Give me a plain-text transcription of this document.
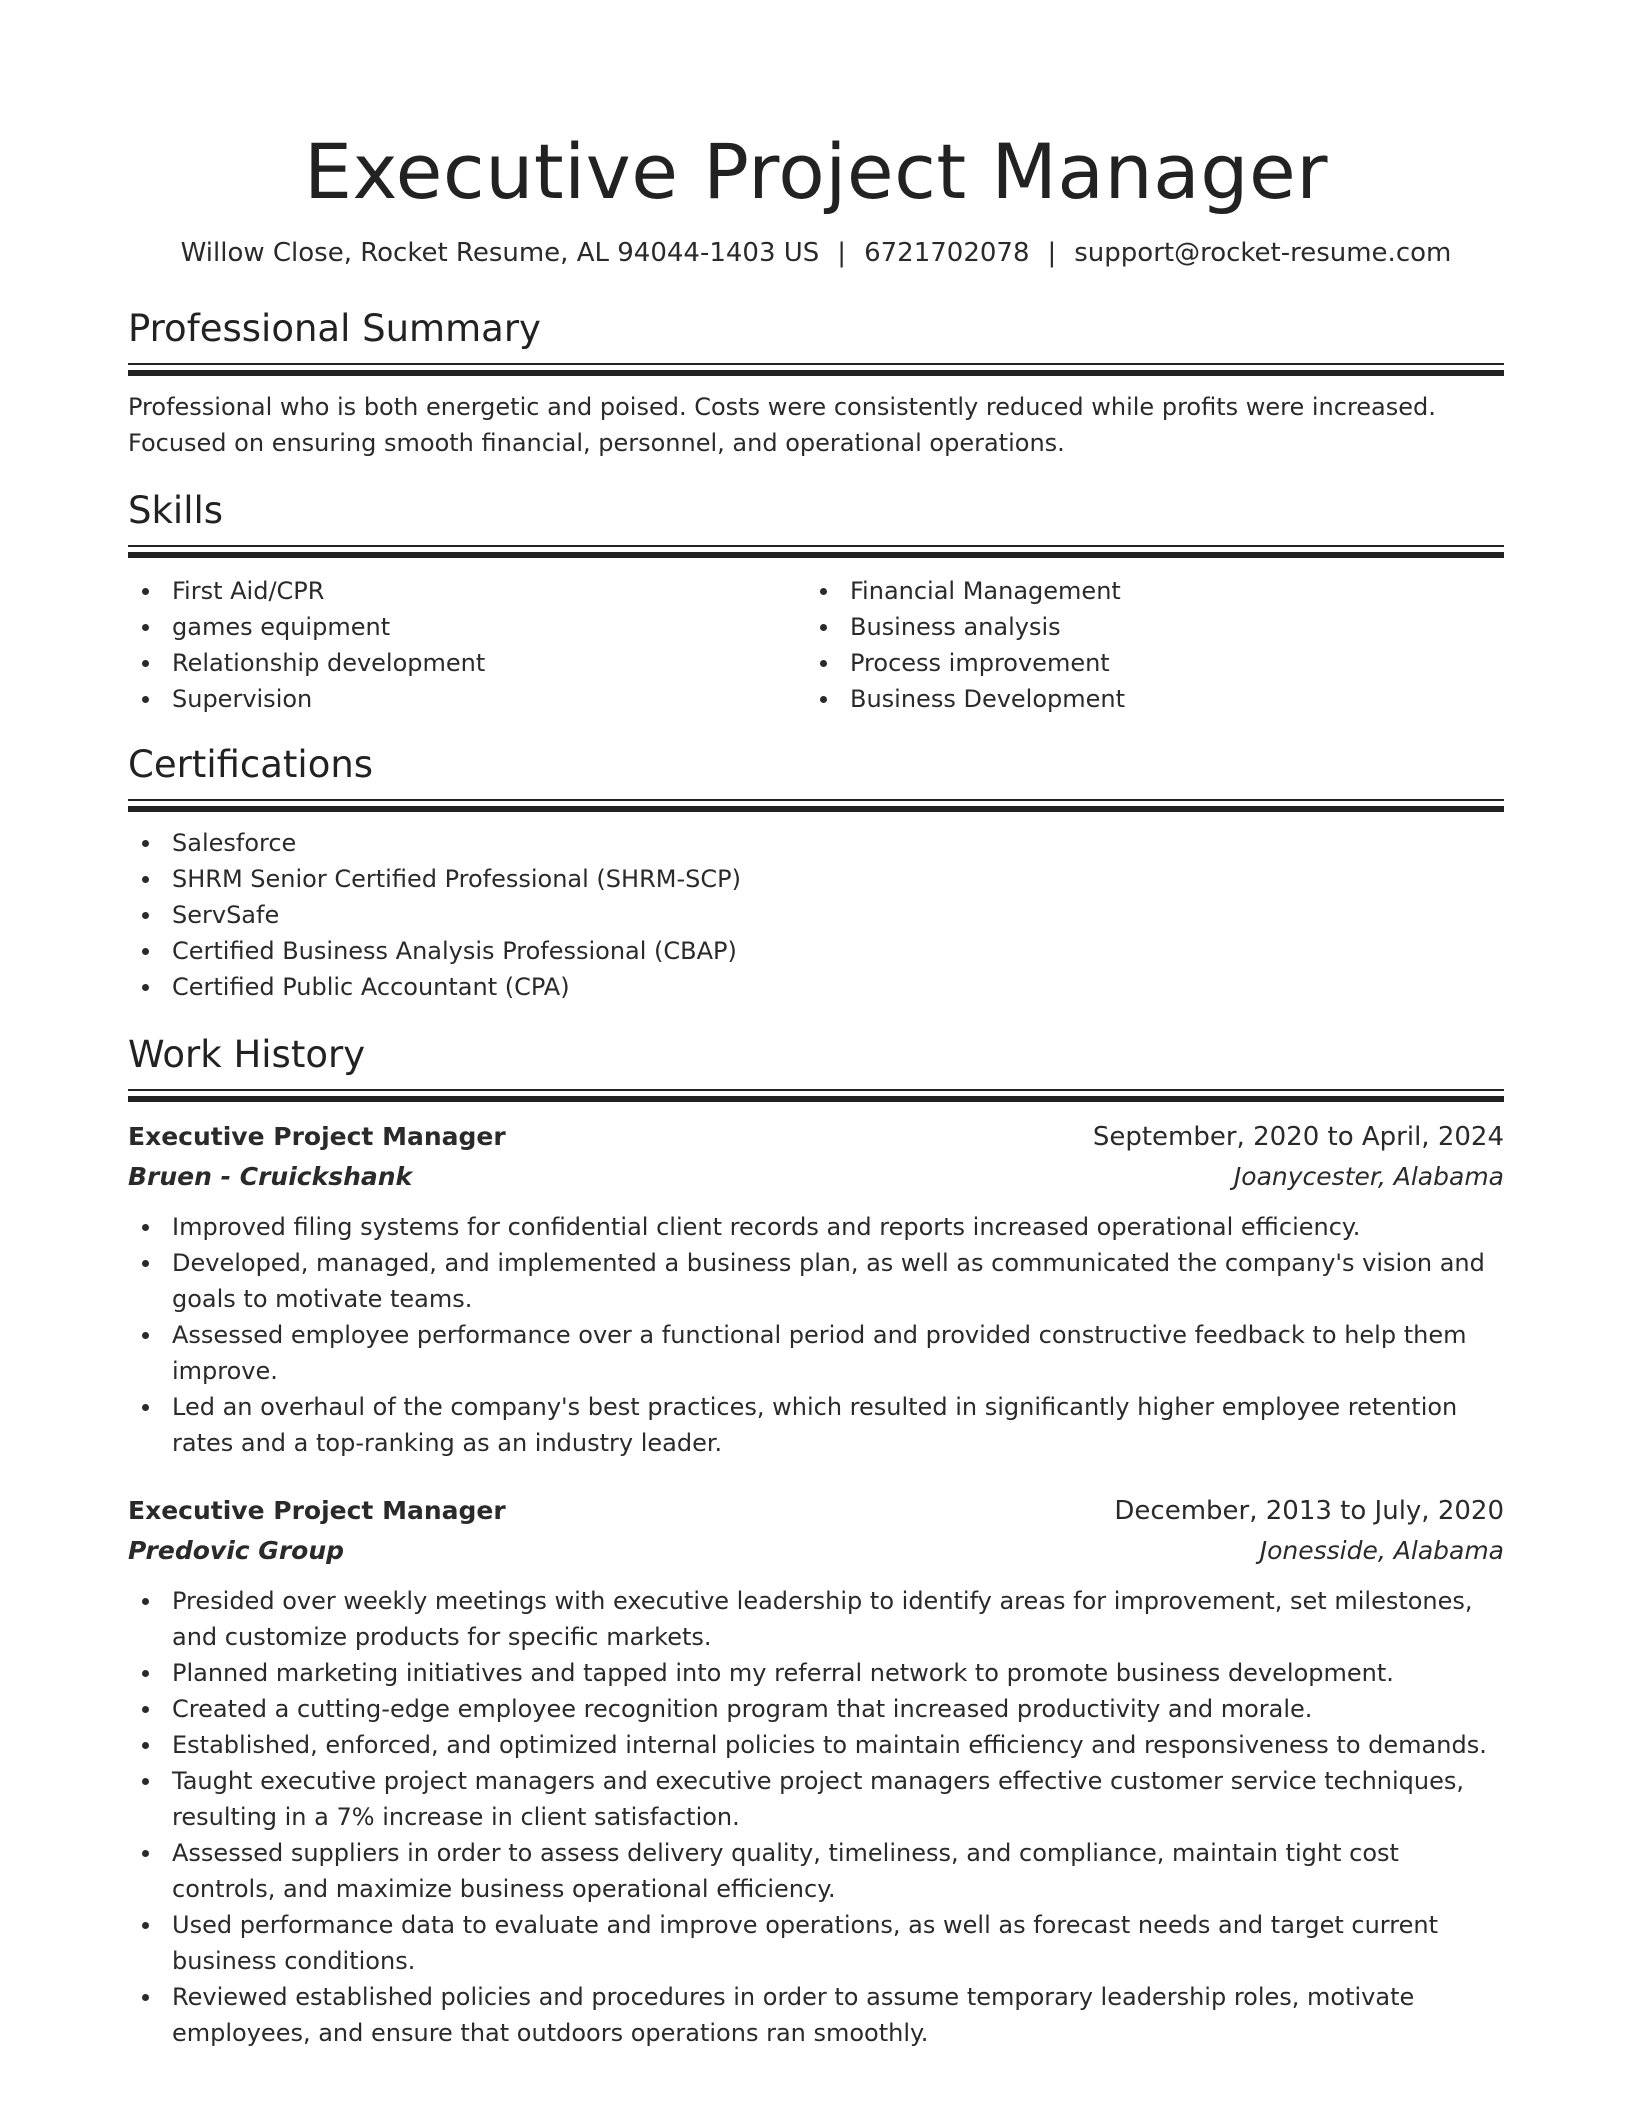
Executive Project Manager
Willow Close, Rocket Resume, AL 94044-1403 US | 6721702078 | support@rocket-resume.com
Professional Summary
Professional who is both energetic and poised. Costs were consistently reduced while profits were increased. Focused on ensuring smooth financial, personnel, and operational operations.
Skills
First Aid/CPR
games equipment
Relationship development
Supervision
Financial Management
Business analysis
Process improvement
Business Development
Certifications
Salesforce
SHRM Senior Certified Professional (SHRM-SCP)
ServSafe
Certified Business Analysis Professional (CBAP)
Certified Public Accountant (CPA)
Work History
Executive Project Manager	September, 2020 to April, 2024
Bruen - Cruickshank	Joanycester, Alabama
Improved filing systems for confidential client records and reports increased operational efficiency.
Developed, managed, and implemented a business plan, as well as communicated the company's vision and goals to motivate teams.
Assessed employee performance over a functional period and provided constructive feedback to help them improve.
Led an overhaul of the company's best practices, which resulted in significantly higher employee retention rates and a top-ranking as an industry leader.
Executive Project Manager	December, 2013 to July, 2020
Predovic Group	Jonesside, Alabama
Presided over weekly meetings with executive leadership to identify areas for improvement, set milestones, and customize products for specific markets.
Planned marketing initiatives and tapped into my referral network to promote business development.
Created a cutting-edge employee recognition program that increased productivity and morale.
Established, enforced, and optimized internal policies to maintain efficiency and responsiveness to demands.
Taught executive project managers and executive project managers effective customer service techniques, resulting in a 7% increase in client satisfaction.
Assessed suppliers in order to assess delivery quality, timeliness, and compliance, maintain tight cost controls, and maximize business operational efficiency.
Used performance data to evaluate and improve operations, as well as forecast needs and target current business conditions.
Reviewed established policies and procedures in order to assume temporary leadership roles, motivate employees, and ensure that outdoors operations ran smoothly.
